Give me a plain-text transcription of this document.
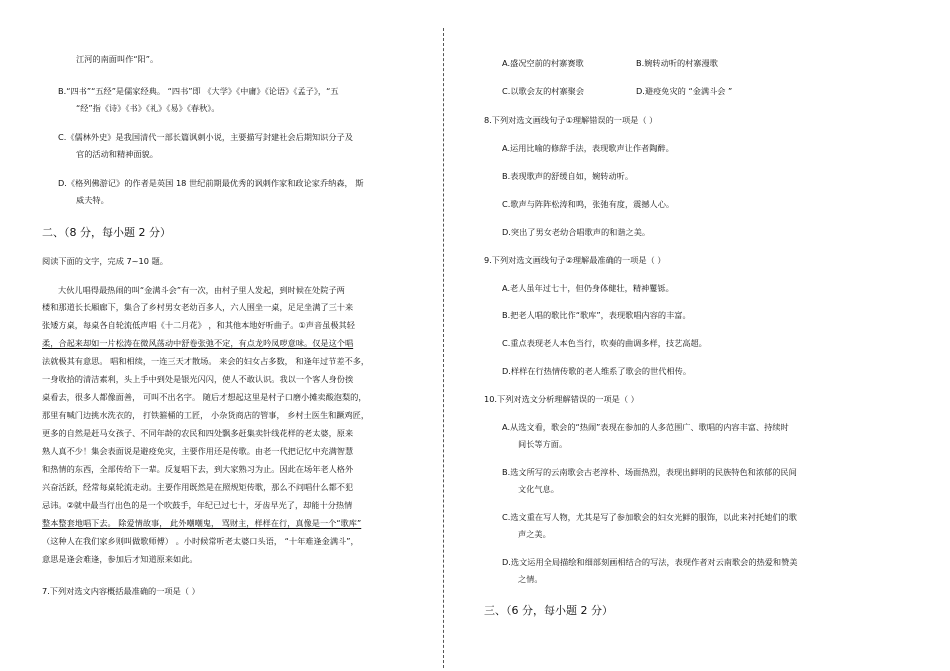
江河的南面叫作“阳”。
B.“四书”“五经”是儒家经典。 “四书”即 《大学》《中庸》《论语》《孟子》，“五
“经”指《诗》《书》《礼》《易》《春秋》。
C.《儒林外史》是我国清代一部长篇讽刺小说，主要描写封建社会后期知识分子及
官的活动和精神面貌。
D.《格列佛游记》的作者是英国 18 世纪前期最优秀的讽刺作家和政论家乔纳森， 斯
威夫特。
二、（8 分，每小题 2 分）
阅读下面的文字，完成 7~10 题。
大伙儿唱得最热闹的叫“金满斗会”有一次，由村子里人发起，到时候在处院子两
楼和那道长长厢廊下，集合了乡村男女老幼百多人，六人围坐一桌，足足坐满了三十来
张矮方桌，每桌各自轮流低声唱《十二月花》 ，和其他本地好听曲子。①声音虽极其轻
柔，合起来却如一片松涛在微风荡动中舒卷张弛不定，有点龙吟凤哕意味。仅是这个唱
法就极其有意思。 唱和相续，一连三天才散场。 来会的妇女占多数， 和逢年过节差不多，
一身收拾的清洁素利，头上手中到处是银光闪闪，使人不敢认识。我以一个客人身份挨
桌看去，很多人都像面善， 可叫不出名字。 随后才想起这里是村子口磨小摊卖酸泡梨的，
那里有喊门边挑水洗衣的， 打铁箍桶的工匠， 小杂货商店的管事， 乡村土医生和蹶鸡匠，
更多的自然是赶马女孩子、不同年龄的农民和四处飘多赶集卖针线花样的老太婆，原来
熟人真不少！集会表面说是避疫免灾，主要作用还是传歌。由老一代把记忆中充满智慧
和热情的东西，全部传给下一辈。反复唱下去，到大家熟习为止。因此在场年老人格外
兴奋活跃，经常每桌轮流走动。主要作用既然是在照规矩传歌，那么不问唱什么都不犯
忌讳。②就中最当行出色的是一个吹鼓手，年纪已过七十，牙齿早光了，却能十分热情
整本整套地唱下去。 除爱情故事， 此外嘲嘲鬼， 骂财主，样样在行，真像是一个“歌库”
（这种人在我们家乡则叫做歌师傅） 。小时候常听老太婆口头语， “十年难逢金满斗”，
意思是逢会难逢，参加后才知道原来如此。
7.下列对选文内容概括最准确的一项是（ ）
A.盛况空前的村寨赛歌	B.婉转动听的村寨漫歌
C.以歌会友的村寨聚会	D.避疫免灾的 “金满斗会 ”
8.下列对选文画线句子①理解错误的一项是（ ）
A.运用比喻的修辞手法，表现歌声让作者陶醉。
B.表现歌声的舒缓自如，婉转动听。
C.歌声与阵阵松涛和鸣，张弛有度，震撼人心。
D.突出了男女老幼合唱歌声的和谐之美。
9.下列对选文画线句子②理解最准确的一项是（ ）
A.老人虽年过七十，但仍身体健壮，精神矍铄。
B.把老人唱的歌比作“歌库”，表现歌唱内容的丰富。
C.重点表现老人本色当行，吹奏的曲调多样，技艺高超。
D.样样在行热情传歌的老人维系了歌会的世代相传。
10.下列对选文分析理解错误的一项是（ ）
A.从选文看，歌会的“热闹”表现在参加的人多范围广、歌唱的内容丰富、持续时
间长等方面。
B.选文所写的云南歌会古老淳朴、场面热烈，表现出鲜明的民族特色和浓郁的民间
文化气息。
C.选文重在写人物，尤其是写了参加歌会的妇女光鲜的服饰，以此来衬托她们的歌
声之美。
D.选文运用全局描绘和细部刻画相结合的写法，表现作者对云南歌会的热爱和赞美
之情。
三、（6 分，每小题 2 分）
